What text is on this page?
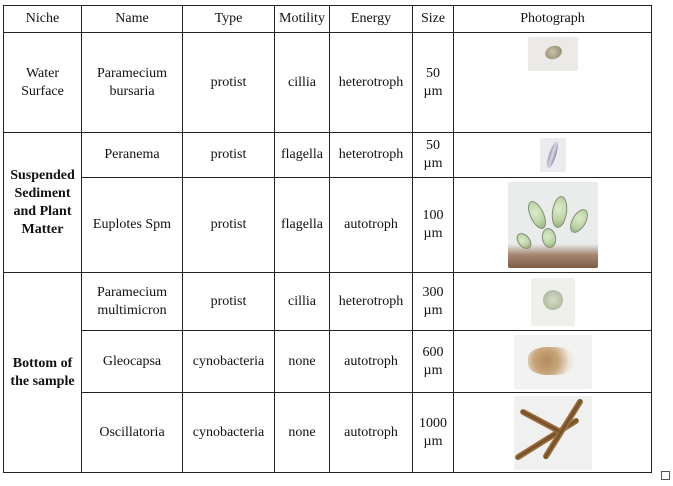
Niche	Name	Type	Motility	Energy	Size	Photograph
Water Surface	Paramecium bursaria	protist	cillia	heterotroph	50 µm	

Suspended Sediment and Plant Matter	Peranema	protist	flagella	heterotroph	50 µm	

	Euplotes Spm	protist	flagella	autotroph	100 µm	

Bottom of the sample	Paramecium multimicron	protist	cillia	heterotroph	300 µm	

	Gleocapsa	cynobacteria	none	autotroph	600 µm	

	Oscillatoria	cynobacteria	none	autotroph	1000 µm	
